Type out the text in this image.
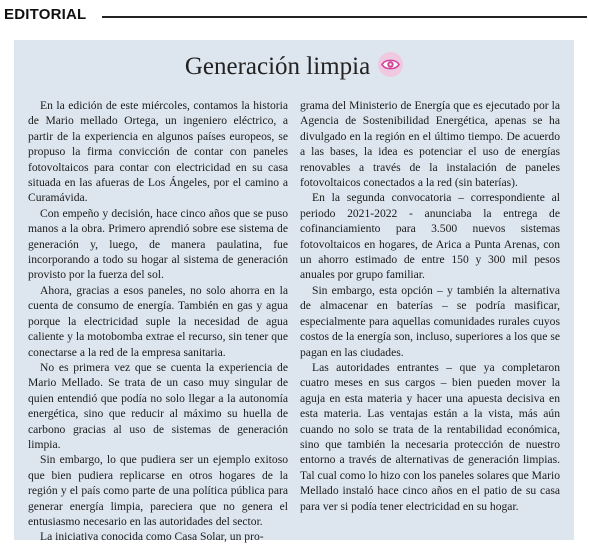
EDITORIAL
Generación limpia

En la edición de este miércoles, contamos la historia de Mario mellado Ortega, un ingeniero eléctrico, a partir de la experiencia en algunos países europeos, se propuso la firma convicción de contar con paneles fotovoltaicos para contar con electricidad en su casa situada en las afueras de Los Ángeles, por el camino a Curamávida.

Con empeño y decisión, hace cinco años que se puso manos a la obra. Primero aprendió sobre ese sistema de generación y, luego, de manera paulatina, fue incorporando a todo su hogar al sistema de generación provisto por la fuerza del sol.

Ahora, gracias a esos paneles, no solo ahorra en la cuenta de consumo de energía. También en gas y agua porque la electricidad suple la necesidad de agua caliente y la motobomba extrae el recurso, sin tener que conectarse a la red de la empresa sanitaria.

No es primera vez que se cuenta la experiencia de Mario Mellado. Se trata de un caso muy singular de quien entendió que podía no solo llegar a la autonomía energética, sino que reducir al máximo su huella de carbono gracias al uso de sistemas de generación limpia.

Sin embargo, lo que pudiera ser un ejemplo exitoso que bien pudiera replicarse en otros hogares de la región y el país como parte de una política pública para generar energía limpia, pareciera que no genera el entusiasmo necesario en las autoridades del sector.

La iniciativa conocida como Casa Solar, un pro-

grama del Ministerio de Energía que es ejecutado por la Agencia de Sostenibilidad Energética, apenas se ha divulgado en la región en el último tiempo. De acuerdo a las bases, la idea es potenciar el uso de energías renovables a través de la instalación de paneles fotovoltaicos conectados a la red (sin baterías).

En la segunda convocatoria – correspondiente al periodo 2021-2022 - anunciaba la entrega de cofinanciamiento para 3.500 nuevos sistemas fotovoltaicos en hogares, de Arica a Punta Arenas, con un ahorro estimado de entre 150 y 300 mil pesos anuales por grupo familiar.

Sin embargo, esta opción – y también la alternativa de almacenar en baterías – se podría masificar, especialmente para aquellas comunidades rurales cuyos costos de la energía son, incluso, superiores a los que se pagan en las ciudades.

Las autoridades entrantes – que ya completaron cuatro meses en sus cargos – bien pueden mover la aguja en esta materia y hacer una apuesta decisiva en esta materia. Las ventajas están a la vista, más aún cuando no solo se trata de la rentabilidad económica, sino que también la necesaria protección de nuestro entorno a través de alternativas de generación limpias. Tal cual como lo hizo con los paneles solares que Mario Mellado instaló hace cinco años en el patio de su casa para ver si podía tener electricidad en su hogar.
